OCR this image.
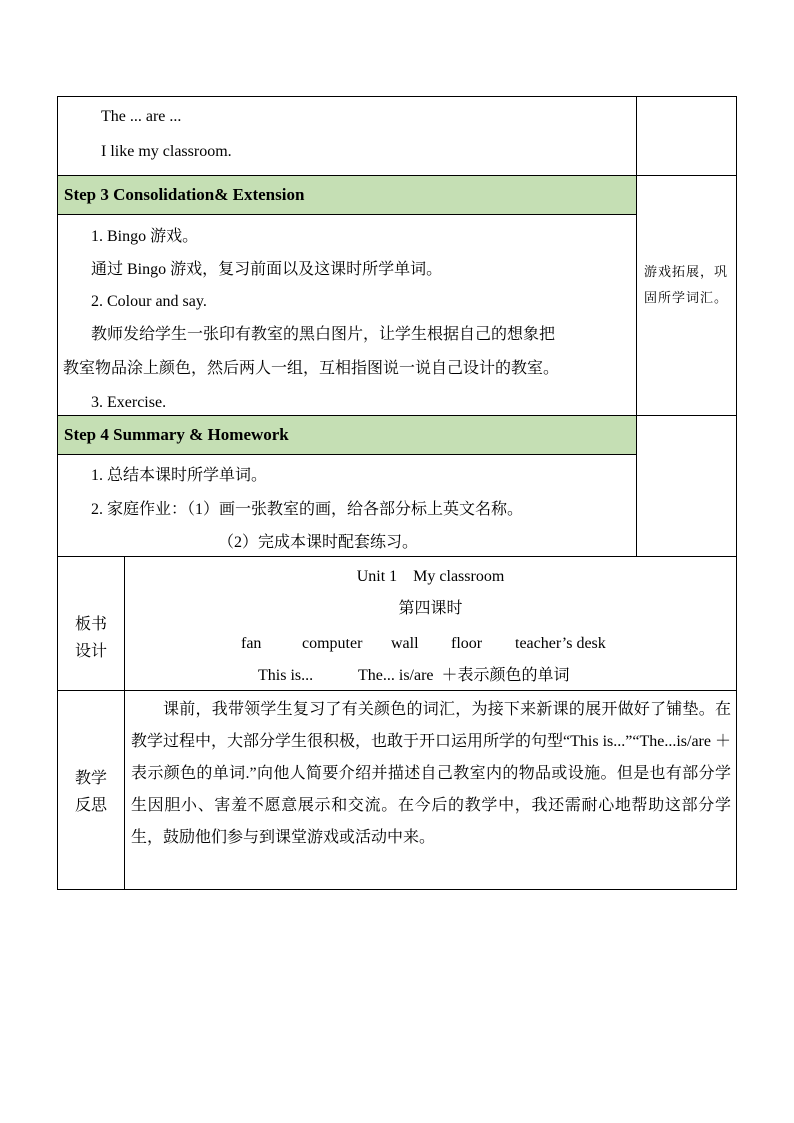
The ... are ...
I like my classroom.
Step 3 Consolidation& Extension
1. Bingo 游戏。
通过 Bingo 游戏，复习前面以及这课时所学单词。
2. Colour and say.
教师发给学生一张印有教室的黑白图片，让学生根据自己的想象把
教室物品涂上颜色，然后两人一组，互相指图说一说自己设计的教室。
3. Exercise.
游戏拓展，巩固所学词汇。
Step 4 Summary & Homework
1. 总结本课时所学单词。
2. 家庭作业：（1）画一张教室的画，给各部分标上英文名称。
（2）完成本课时配套练习。
板书
设计
Unit 1    My classroom
第四课时
fan	computer wall floor teacher’s desk
This is...	The... is/are  ＋表示颜色的单词
教学
反思
课前，我带领学生复习了有关颜色的词汇，为接下来新课的展开做好了铺垫。在教学过程中，大部分学生很积极，也敢于开口运用所学的句型“This is...”“The...is/are ＋表示颜色的单词.”向他人简要介绍并描述自己教室内的物品或设施。但是也有部分学生因胆小、害羞不愿意展示和交流。在今后的教学中，我还需耐心地帮助这部分学生，鼓励他们参与到课堂游戏或活动中来。
